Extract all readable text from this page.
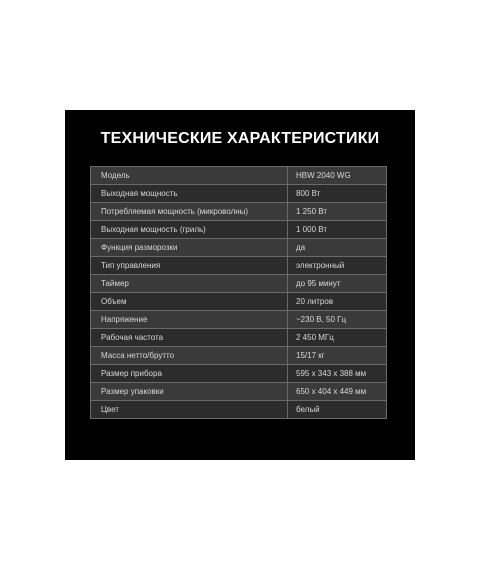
ТЕХНИЧЕСКИЕ ХАРАКТЕРИСТИКИ
Модель	HBW 2040 WG
Выходная мощность	800 Вт
Потребляемая мощность (микроволны)	1 250 Вт
Выходная мощность (гриль)	1 000 Вт
Функция разморозки	да
Тип управления	электронный
Таймер	до 95 минут
Объем	20 литров
Напряжение	~230 В, 50 Гц
Рабочая частота	2 450 МГц
Масса нетто/брутто	15/17 кг
Размер прибора	595 x 343 x 388 мм
Размер упаковки	650 x 404 x 449 мм
Цвет	белый
